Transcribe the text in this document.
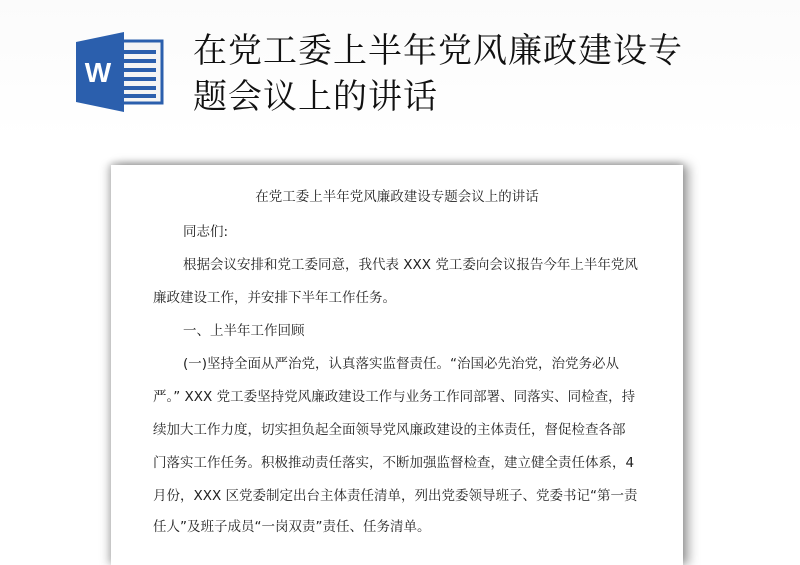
W
在党工委上半年党风廉政建设专
题会议上的讲话
在党工委上半年党风廉政建设专题会议上的讲话
同志们:
根据会议安排和党工委同意，我代表 XXX 党工委向会议报告今年上半年党风
廉政建设工作，并安排下半年工作任务。
一、上半年工作回顾
(一)坚持全面从严治党，认真落实监督责任。“治国必先治党，治党务必从
严。” XXX 党工委坚持党风廉政建设工作与业务工作同部署、同落实、同检查，持
续加大工作力度，切实担负起全面领导党风廉政建设的主体责任，督促检查各部
门落实工作任务。积极推动责任落实，不断加强监督检查，建立健全责任体系，4
月份，XXX 区党委制定出台主体责任清单，列出党委领导班子、党委书记“第一责
任人”及班子成员“一岗双责”责任、任务清单。
